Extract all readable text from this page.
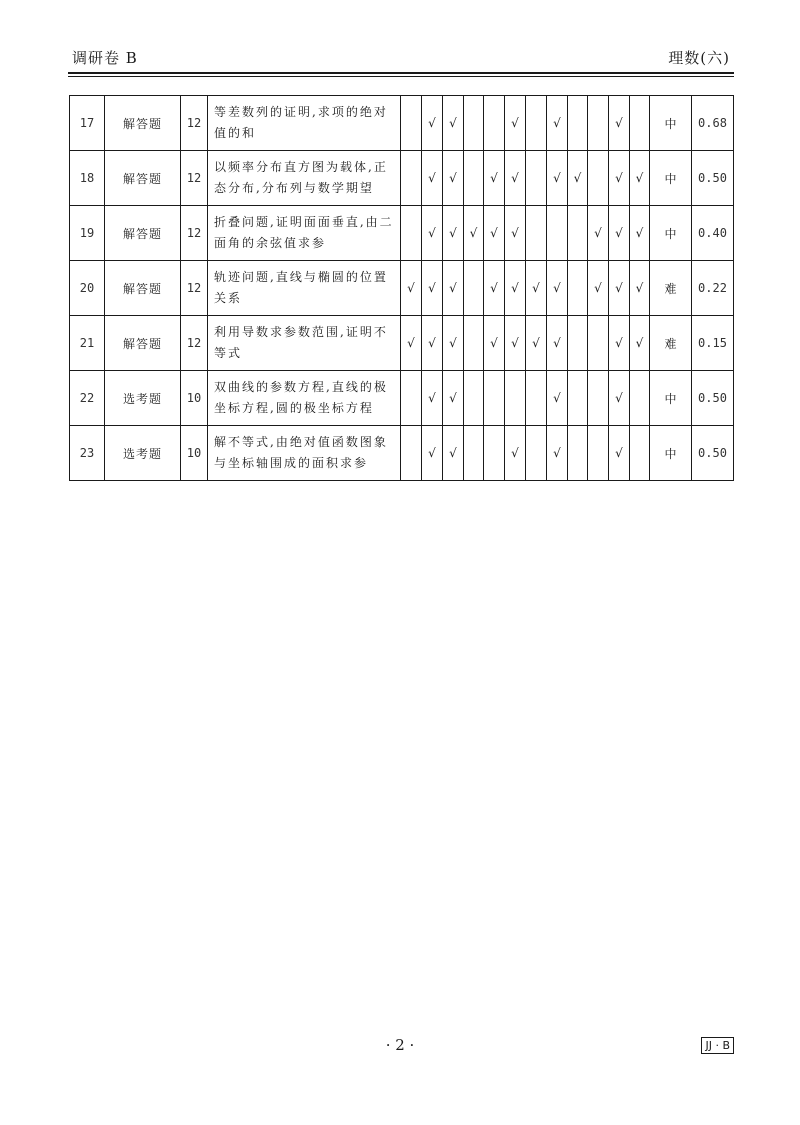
调研卷 B	理数(六)
17	解答题	12	等差数列的证明,求项的绝对值的和		√	√			√		√			√		中	0.68
18	解答题	12	以频率分布直方图为载体,正态分布,分布列与数学期望		√	√		√	√		√	√		√	√	中	0.50
19	解答题	12	折叠问题,证明面面垂直,由二面角的余弦值求参		√	√	√	√	√				√	√	√	中	0.40
20	解答题	12	轨迹问题,直线与椭圆的位置关系	√	√	√		√	√	√	√		√	√	√	难	0.22
21	解答题	12	利用导数求参数范围,证明不等式	√	√	√		√	√	√	√			√	√	难	0.15
22	选考题	10	双曲线的参数方程,直线的极坐标方程,圆的极坐标方程		√	√					√			√		中	0.50
23	选考题	10	解不等式,由绝对值函数图象与坐标轴围成的面积求参		√	√			√		√			√		中	0.50
· 2 ·	JJ · B
